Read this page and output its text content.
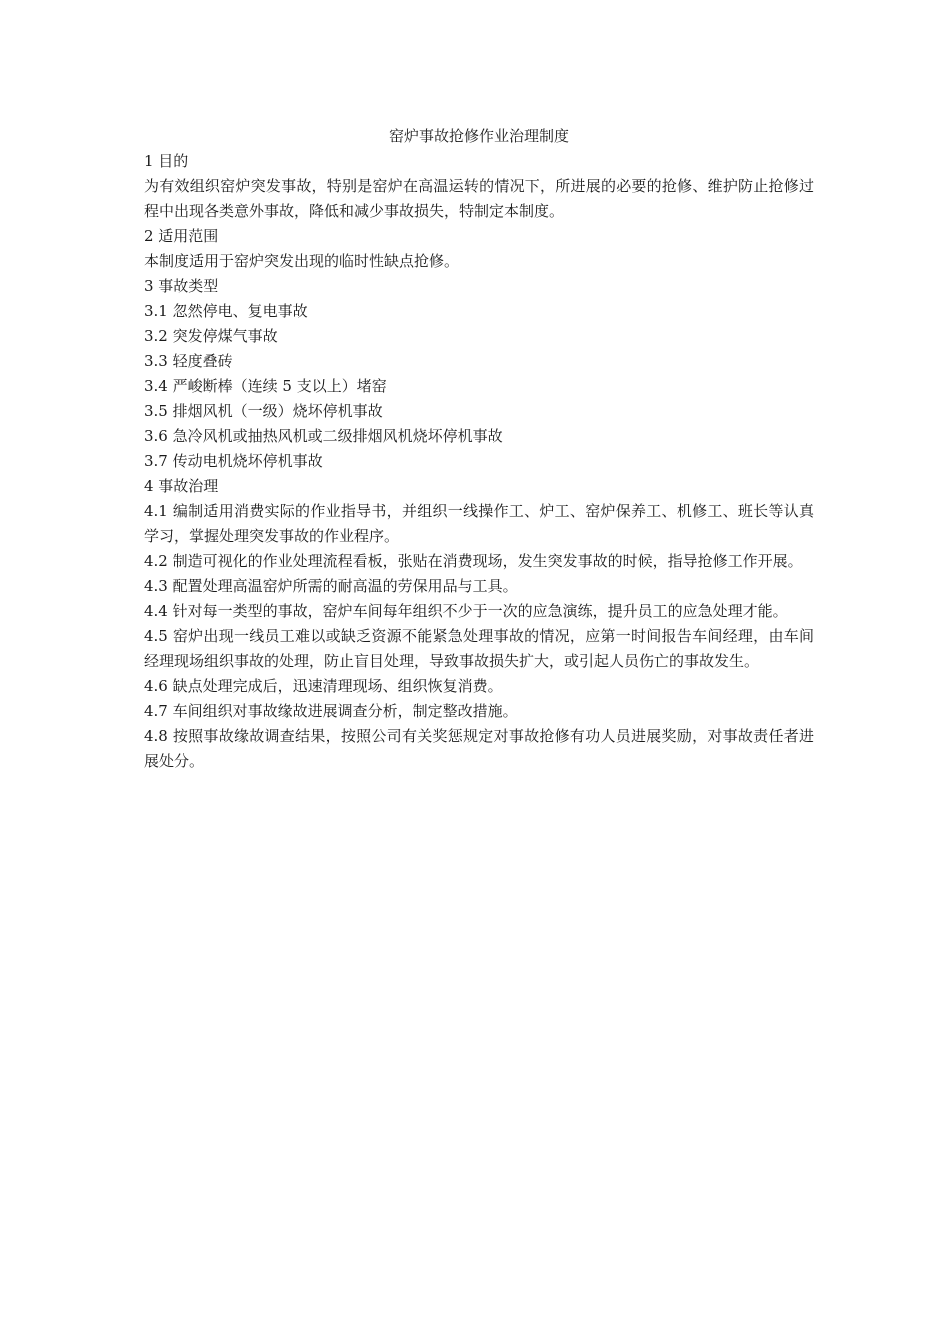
窑炉事故抢修作业治理制度

1 目的

为有效组织窑炉突发事故，特别是窑炉在高温运转的情况下，所进展的必要的抢修、维护防止抢修过程中出现各类意外事故，降低和减少事故损失，特制定本制度。

2 适用范围

本制度适用于窑炉突发出现的临时性缺点抢修。

3 事故类型

3.1 忽然停电、复电事故

3.2 突发停煤气事故

3.3 轻度叠砖

3.4 严峻断棒（连续 5 支以上）堵窑

3.5 排烟风机（一级）烧坏停机事故

3.6 急冷风机或抽热风机或二级排烟风机烧坏停机事故

3.7 传动电机烧坏停机事故

4 事故治理

4.1 编制适用消费实际的作业指导书，并组织一线操作工、炉工、窑炉保养工、机修工、班长等认真学习，掌握处理突发事故的作业程序。

4.2 制造可视化的作业处理流程看板，张贴在消费现场，发生突发事故的时候，指导抢修工作开展。

4.3 配置处理高温窑炉所需的耐高温的劳保用品与工具。

4.4 针对每一类型的事故，窑炉车间每年组织不少于一次的应急演练，提升员工的应急处理才能。

4.5 窑炉出现一线员工难以或缺乏资源不能紧急处理事故的情况，应第一时间报告车间经理，由车间经理现场组织事故的处理，防止盲目处理，导致事故损失扩大，或引起人员伤亡的事故发生。

4.6 缺点处理完成后，迅速清理现场、组织恢复消费。

4.7 车间组织对事故缘故进展调查分析，制定整改措施。

4.8 按照事故缘故调查结果，按照公司有关奖惩规定对事故抢修有功人员进展奖励，对事故责任者进展处分。
